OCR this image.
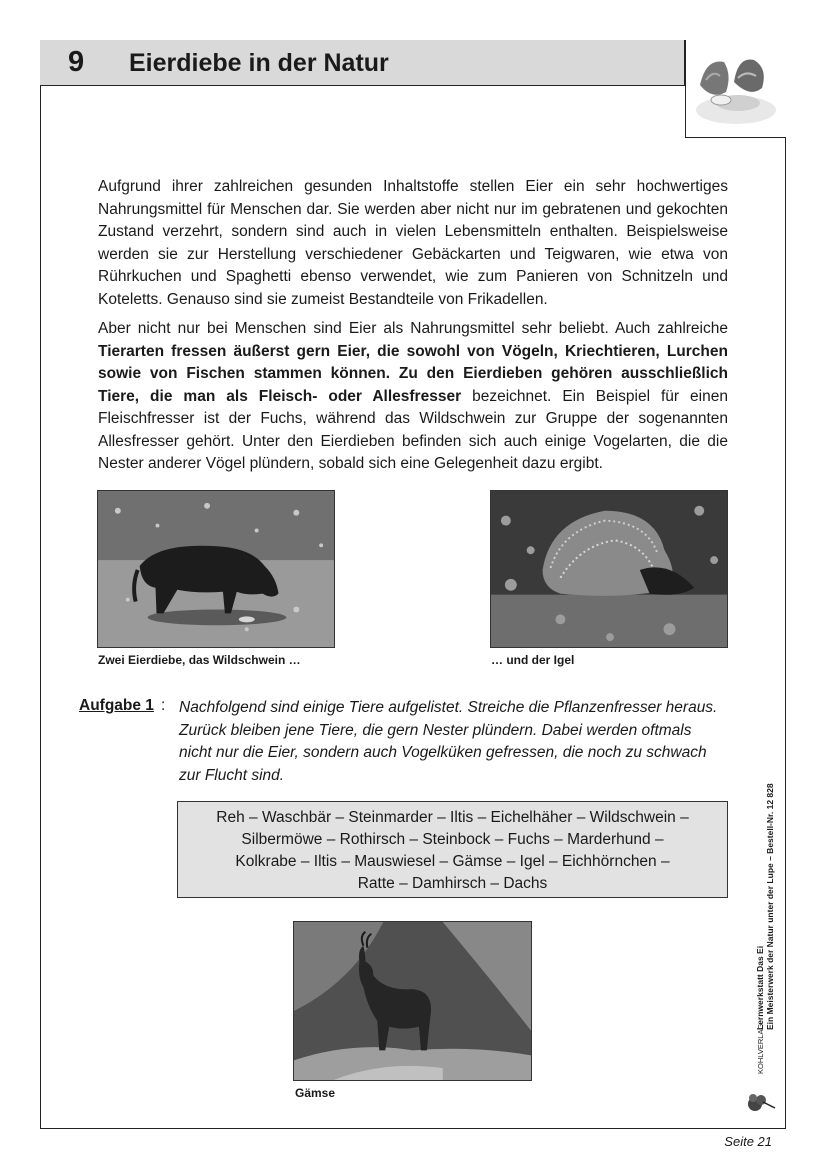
9 Eierdiebe in der Natur
Aufgrund ihrer zahlreichen gesunden Inhaltstoffe stellen Eier ein sehr hochwertiges Nahrungsmittel für Menschen dar. Sie werden aber nicht nur im gebratenen und gekochten Zustand verzehrt, sondern sind auch in vielen Lebensmitteln enthalten. Beispielsweise werden sie zur Herstellung verschiedener Gebäckarten und Teigwaren, wie etwa von Rührkuchen und Spaghetti ebenso verwendet, wie zum Panieren von Schnitzeln und Koteletts. Genauso sind sie zumeist Bestandteile von Frikadellen.
Aber nicht nur bei Menschen sind Eier als Nahrungsmittel sehr beliebt. Auch zahlreiche Tierarten fressen äußerst gern Eier, die sowohl von Vögeln, Kriechtieren, Lurchen sowie von Fischen stammen können. Zu den Eierdieben gehören ausschließlich Tiere, die man als Fleisch- oder Allesfresser bezeichnet. Ein Beispiel für einen Fleischfresser ist der Fuchs, während das Wildschwein zur Gruppe der sogenannten Allesfresser gehört. Unter den Eierdieben befinden sich auch einige Vogelarten, die die Nester anderer Vögel plündern, sobald sich eine Gelegenheit dazu ergibt.
Zwei Eierdiebe, das Wildschwein …	… und der Igel
Aufgabe 1 : Nachfolgend sind einige Tiere aufgelistet. Streiche die Pflanzenfresser heraus. Zurück bleiben jene Tiere, die gern Nester plündern. Dabei werden oftmals nicht nur die Eier, sondern auch Vogelküken gefressen, die noch zu schwach zur Flucht sind.
Reh – Waschbär – Steinmarder – Iltis – Eichelhäher – Wildschwein –
Silbermöwe – Rothirsch – Steinbock – Fuchs – Marderhund –
Kolkrabe – Iltis – Mauswiesel – Gämse – Igel – Eichhörnchen –
Ratte – Damhirsch – Dachs
Gämse
Lernwerkstatt Das Ei Ein Meisterwerk der Natur unter der Lupe – Bestell-Nr. 12 828
KOHLVERLAG
Seite 21
